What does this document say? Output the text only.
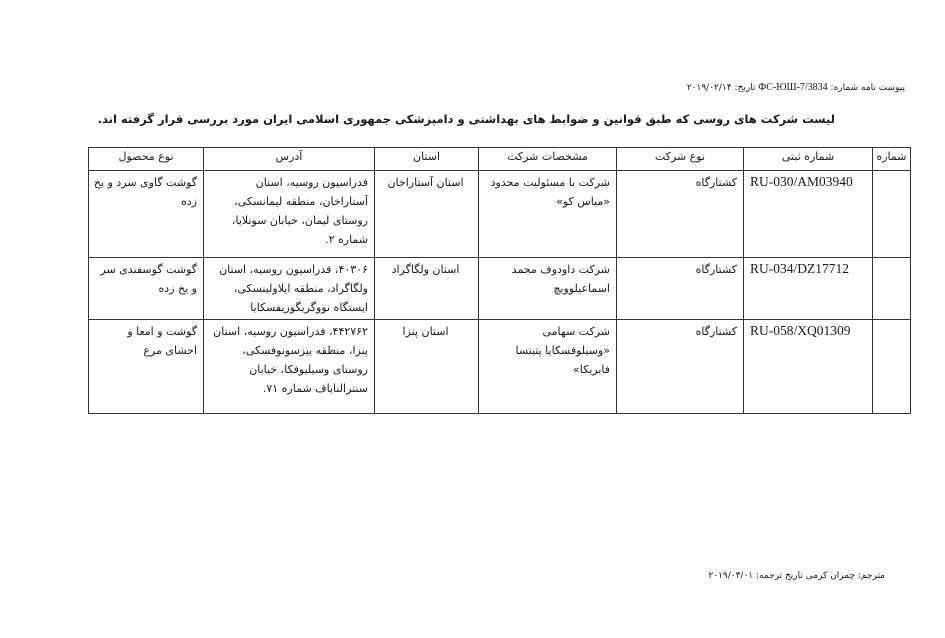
پیوست نامه شماره: ФС-ЮШ-7/3834 تاریخ: ۲۰۱۹/۰۲/۱۴
لیست شرکت های روسی که طبق قوانین و ضوابط های بهداشتی و دامپزشکی جمهوری اسلامی ایران مورد بررسی قرار گرفته اند.
شماره	شماره ثبتی	نوع شرکت	مشخصات شرکت	استان	آدرس	نوع محصول
	RU-030/AM03940	کشتارگاه	شرکت با مسئولیت محدود «میاس کو»	استان آستاراخان	فدراسیون روسیه، استان آستاراخان، منطقه لیمانسکی، روستای لیمان، خیابان سونلایا، شماره ۲.	گوشت گاوی سرد و یخ زده
	RU-034/DZ17712	کشتارگاه	شرکت داودوف محمد اسماعیلوویچ	استان ولگاگراد	۴۰۳۰۶، فدراسیون روسیه، استان ولگاگراد، منطقه ایلاولینسکی، ایستگاه نووگریگوریفسکایا	گوشت گوسفندی سر و یخ زده
	RU-058/XQ01309	کشتارگاه	شرکت سهامی «وسیلوفسکایا پتیتسا فابریکا»	استان پنزا	۴۴۲۷۶۲، فدراسیون روسیه، استان پنزا، منطقه بیزسونوفسکی، روستای وسیلیوفکا، خیابان سنترالنایاف شماره ۷۱.	گوشت و امعا و احشای مرغ
مترجم: چمران کرمی تاریخ ترجمه: ۲۰۱۹/۰۳/۰۱
